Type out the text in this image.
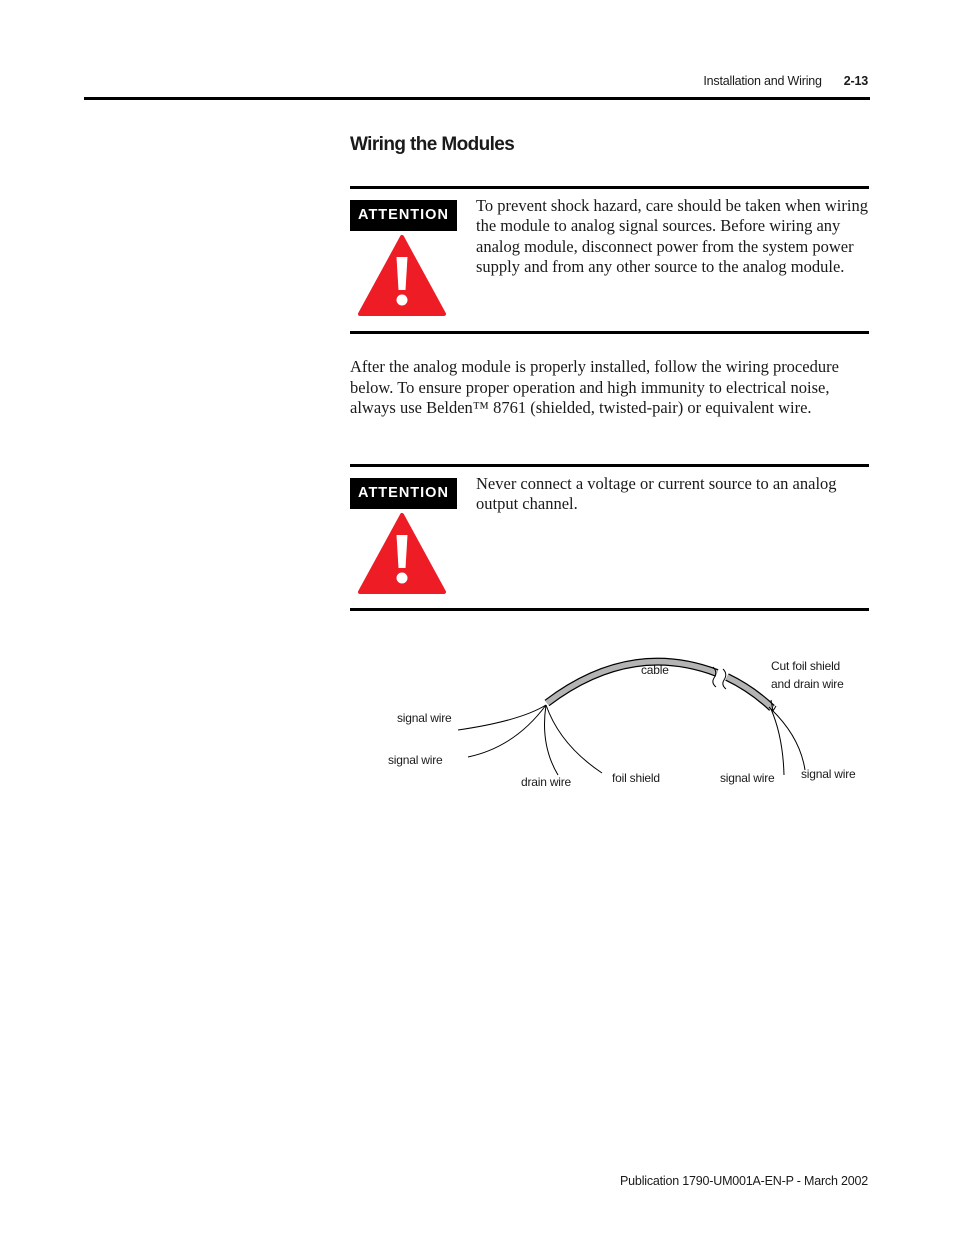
Installation and Wiring 2-13
Wiring the Modules
ATTENTION	To prevent shock hazard, care should be taken when wiring the module to analog signal sources. Before wiring any analog module, disconnect power from the system power supply and from any other source to the analog module.

After the analog module is properly installed, follow the wiring procedure below. To ensure proper operation and high immunity to electrical noise, always use Belden™ 8761 (shielded, twisted-pair) or equivalent wire.

ATTENTION	Never connect a voltage or current source to an analog output channel.

cable	Cut foil shield
and drain wire
signal wire
signal wire
drain wire	foil shield	signal wire signal wire
Publication 1790-UM001A-EN-P - March 2002
